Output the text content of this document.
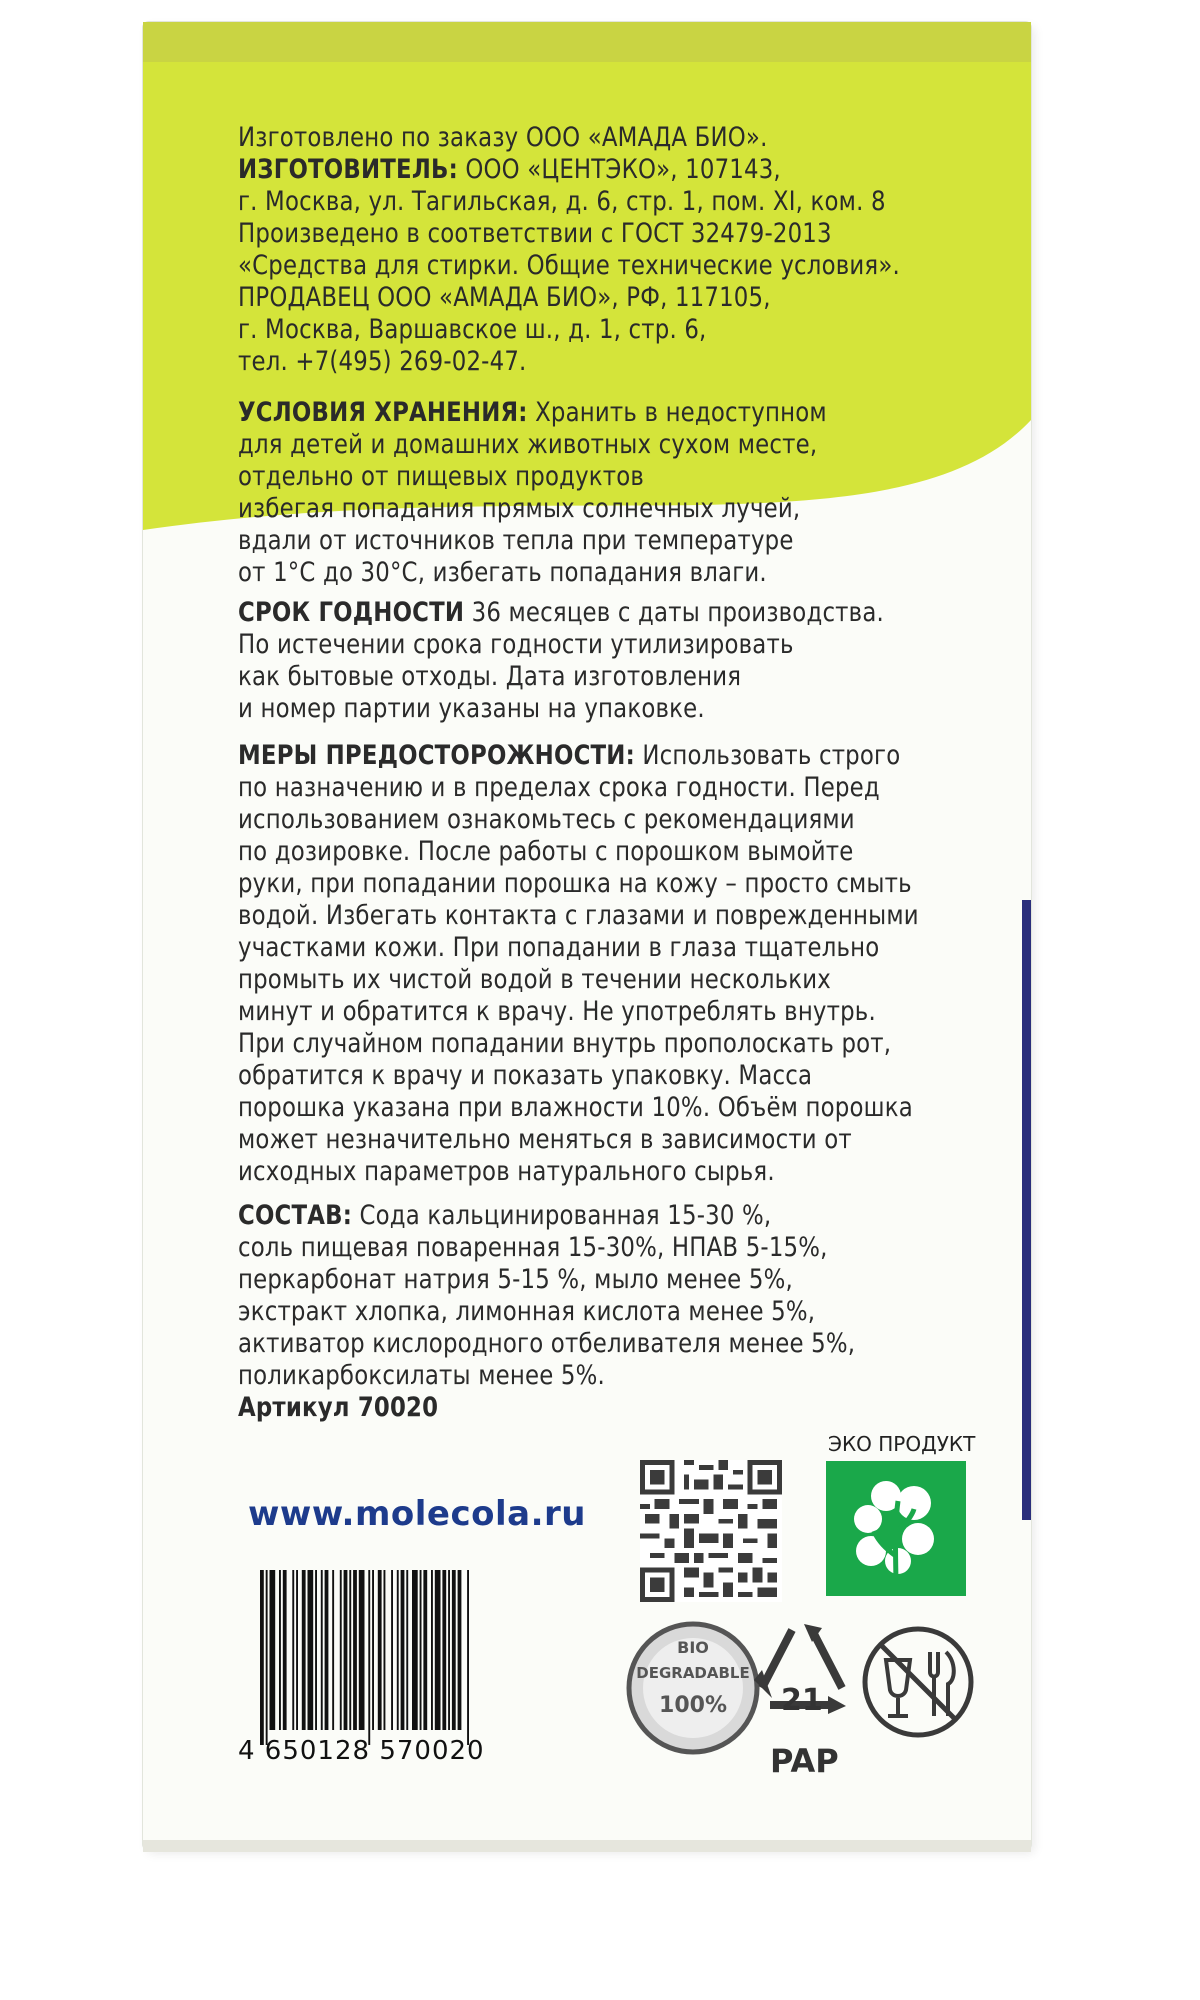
Изготовлено по заказу ООО «АМАДА БИО».
ИЗГОТОВИТЕЛЬ: ООО «ЦЕНТЭКО», 107143,
г. Москва, ул. Тагильская, д. 6, стр. 1, пом. XI, ком. 8
Произведено в соответствии с ГОСТ 32479-2013
«Средства для стирки. Общие технические условия».
ПРОДАВЕЦ ООО «АМАДА БИО», РФ, 117105,
г. Москва, Варшавское ш., д. 1, стр. 6,
тел. +7(495) 269-02-47.
УСЛОВИЯ ХРАНЕНИЯ: Хранить в недоступном
для детей и домашних животных сухом месте,
отдельно от пищевых продуктов
избегая попадания прямых солнечных лучей,
вдали от источников тепла при температуре
от 1°С до 30°С, избегать попадания влаги.
СРОК ГОДНОСТИ 36 месяцев с даты производства.
По истечении срока годности утилизировать
как бытовые отходы. Дата изготовления
и номер партии указаны на упаковке.
МЕРЫ ПРЕДОСТОРОЖНОСТИ: Использовать строго
по назначению и в пределах срока годности. Перед
использованием ознакомьтесь с рекомендациями
по дозировке. После работы с порошком вымойте
руки, при попадании порошка на кожу – просто смыть
водой. Избегать контакта с глазами и поврежденными
участками кожи. При попадании в глаза тщательно
промыть их чистой водой в течении нескольких
минут и обратится к врачу. Не употреблять внутрь.
При случайном попадании внутрь прополоскать рот,
обратится к врачу и показать упаковку. Масса
порошка указана при влажности 10%. Объём порошка
может незначительно меняться в зависимости от
исходных параметров натурального сырья.
СОСТАВ: Сода кальцинированная 15-30 %,
соль пищевая поваренная 15-30%, НПАВ 5-15%,
перкарбонат натрия 5-15 %, мыло менее 5%,
экстракт хлопка, лимонная кислота менее 5%,
активатор кислородного отбеливателя менее 5%,
поликарбоксилаты менее 5%.
Артикул 70020
www.molecola.ru
ЭКО ПРОДУКТ
4 650128 570020
BIO
DEGRADABLE
100%	21
PAP
